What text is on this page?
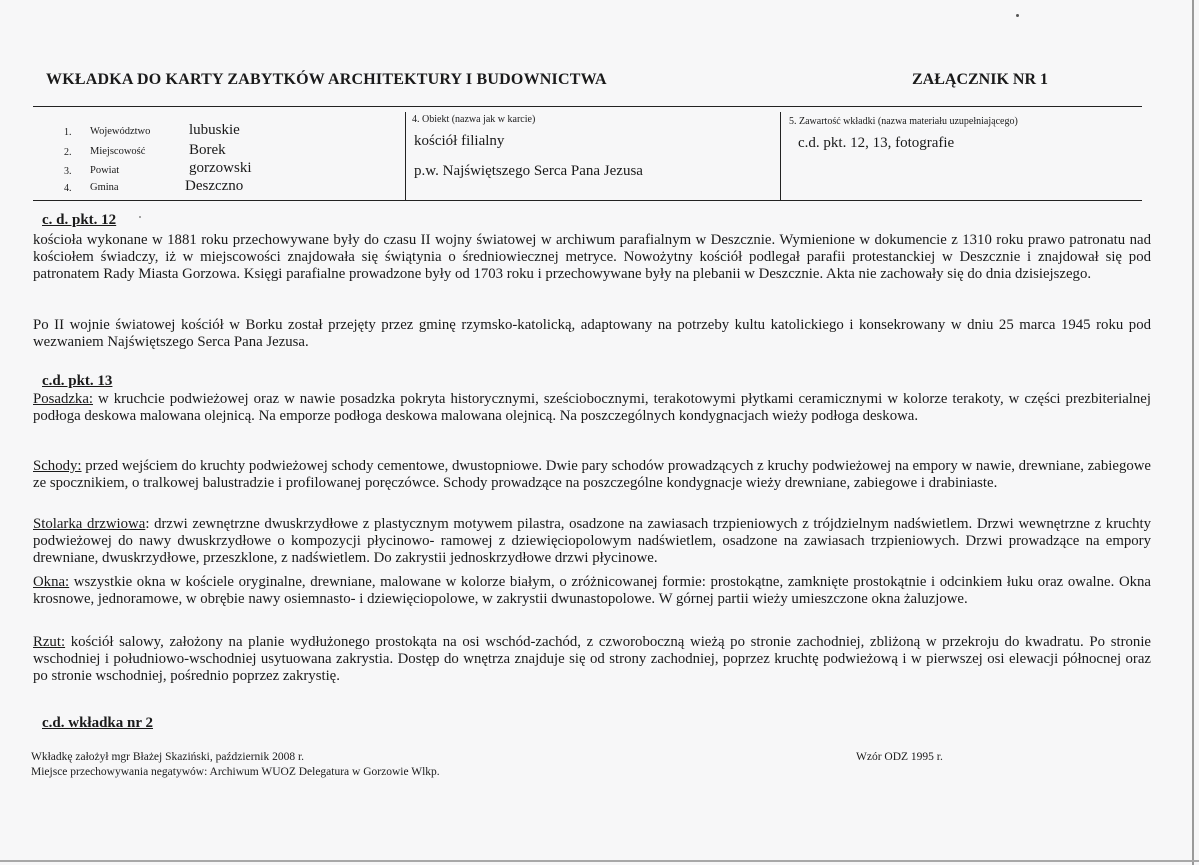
WKŁADKA DO KARTY ZABYTKÓW ARCHITEKTURY I BUDOWNICTWA	ZAŁĄCZNIK NR 1
1. Województwo	lubuskie
2. Miejscowość	Borek
3. Powiat	gorzowski
4. Gmina	Deszczno
4. Obiekt (nazwa jak w karcie)
kościół filialny
p.w. Najświętszego Serca Pana Jezusa
5. Zawartość wkładki (nazwa materiału uzupełniającego)
c.d. pkt. 12, 13, fotografie
c. d. pkt. 12
kościoła wykonane w 1881 roku przechowywane były do czasu II wojny światowej w archiwum parafialnym w Deszcznie. Wymienione w dokumencie z 1310 roku prawo patronatu nad kościołem świadczy, iż w miejscowości znajdowała się świątynia o średniowiecznej metryce. Nowożytny kościół podlegał parafii protestanckiej w Deszcznie i znajdował się pod patronatem Rady Miasta Gorzowa. Księgi parafialne prowadzone były od 1703 roku i przechowywane były na plebanii w Deszcznie. Akta nie zachowały się do dnia dzisiejszego.
Po II wojnie światowej kościół w Borku został przejęty przez gminę rzymsko-katolicką, adaptowany na potrzeby kultu katolickiego i konsekrowany w dniu 25 marca 1945 roku pod wezwaniem Najświętszego Serca Pana Jezusa.
c.d. pkt. 13
Posadzka: w kruchcie podwieżowej oraz w nawie posadzka pokryta historycznymi, sześciobocznymi, terakotowymi płytkami ceramicznymi w kolorze terakoty, w części prezbiterialnej podłoga deskowa malowana olejnicą. Na emporze podłoga deskowa malowana olejnicą. Na poszczególnych kondygnacjach wieży podłoga deskowa.
Schody: przed wejściem do kruchty podwieżowej schody cementowe, dwustopniowe. Dwie pary schodów prowadzących z kruchy podwieżowej na empory w nawie, drewniane, zabiegowe ze spocznikiem, o tralkowej balustradzie i profilowanej poręczówce. Schody prowadzące na poszczególne kondygnacje wieży drewniane, zabiegowe i drabiniaste.
Stolarka drzwiowa: drzwi zewnętrzne dwuskrzydłowe z plastycznym motywem pilastra, osadzone na zawiasach trzpieniowych z trójdzielnym nadświetlem. Drzwi wewnętrzne z kruchty podwieżowej do nawy dwuskrzydłowe o kompozycji płycinowo- ramowej z dziewięciopolowym nadświetlem, osadzone na zawiasach trzpieniowych. Drzwi prowadzące na empory drewniane, dwuskrzydłowe, przeszklone, z nadświetlem. Do zakrystii jednoskrzydłowe drzwi płycinowe.
Okna: wszystkie okna w kościele oryginalne, drewniane, malowane w kolorze białym, o zróżnicowanej formie: prostokątne, zamknięte prostokątnie i odcinkiem łuku oraz owalne. Okna krosnowe, jednoramowe, w obrębie nawy osiemnasto- i dziewięciopolowe, w zakrystii dwunastopolowe. W górnej partii wieży umieszczone okna żaluzjowe.
Rzut: kościół salowy, założony na planie wydłużonego prostokąta na osi wschód-zachód, z czworoboczną wieżą po stronie zachodniej, zbliżoną w przekroju do kwadratu. Po stronie wschodniej i południowo-wschodniej usytuowana zakrystia. Dostęp do wnętrza znajduje się od strony zachodniej, poprzez kruchtę podwieżową i w pierwszej osi elewacji północnej oraz po stronie wschodniej, pośrednio poprzez zakrystię.
c.d. wkładka nr 2
Wkładkę założył mgr Błażej Skaziński, październik 2008 r.
Miejsce przechowywania negatywów: Archiwum WUOZ Delegatura w Gorzowie Wlkp.
Wzór ODZ 1995 r.
